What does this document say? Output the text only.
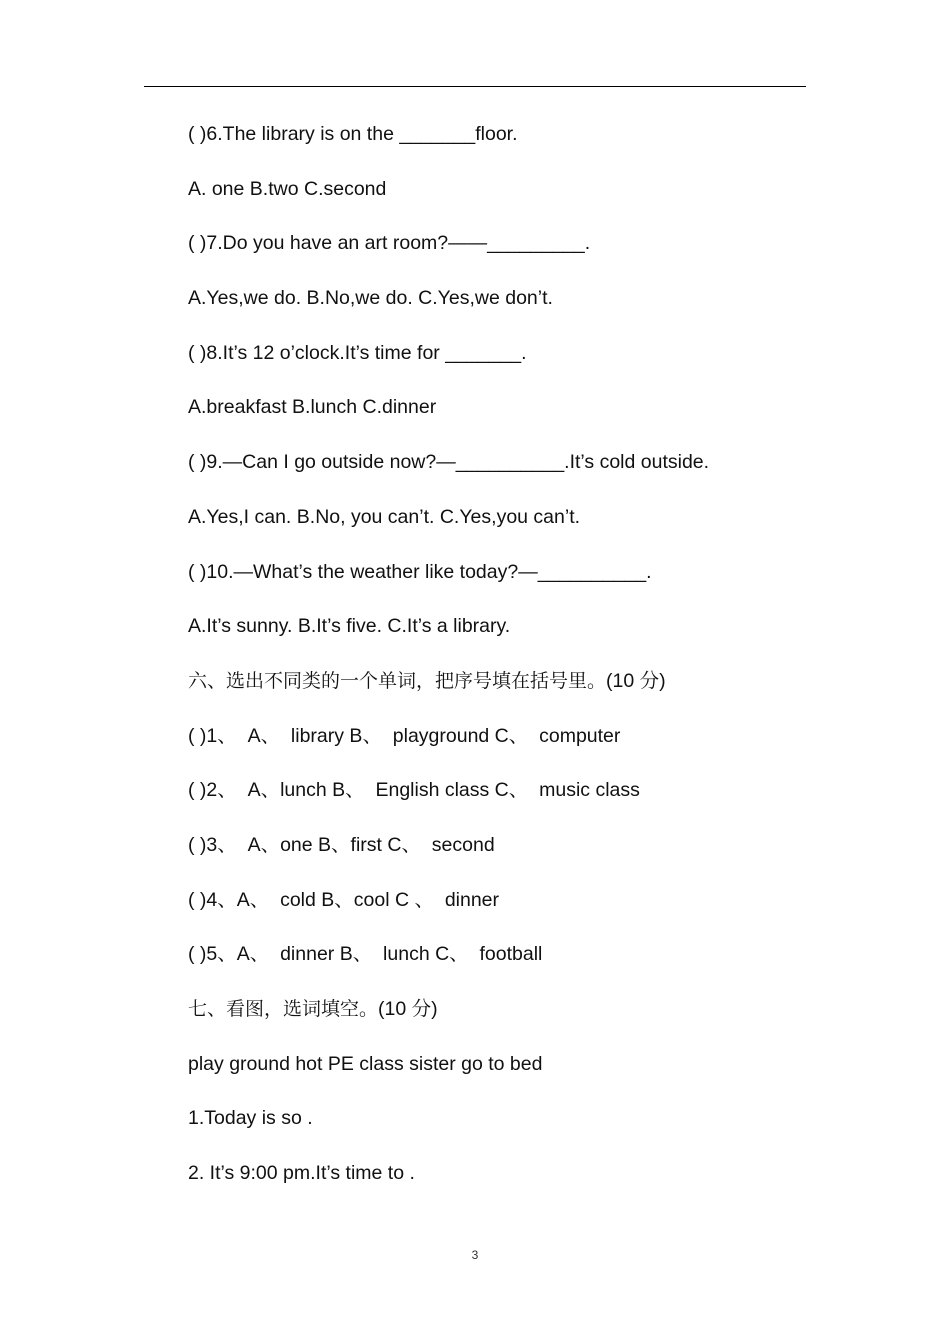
( )6.The library is on the _______floor.
A. one B.two C.second
( )7.Do you have an art room?——_________.
A.Yes,we do. B.No,we do. C.Yes,we don’t.
( )8.It’s 12 o’clock.It’s time for _______.
A.breakfast B.lunch C.dinner
( )9.—Can I go outside now?—__________.It’s cold outside.
A.Yes,I can. B.No, you can’t. C.Yes,you can’t.
( )10.—What’s the weather like today?—__________.
A.It’s sunny. B.It’s five. C.It’s a library.
六、选出不同类的一个单词，把序号填在括号里。(10 分)
( )1、  A、  library B、  playground C、  computer
( )2、  A、lunch B、  English class C、  music class
( )3、  A、one B、first C、  second
( )4、A、  cold B、cool C 、  dinner
( )5、A、  dinner B、  lunch C、  football
七、看图，选词填空。(10 分)
play ground hot PE class sister go to bed
1.Today is so .
2. It’s 9:00 pm.It’s time to .
3
